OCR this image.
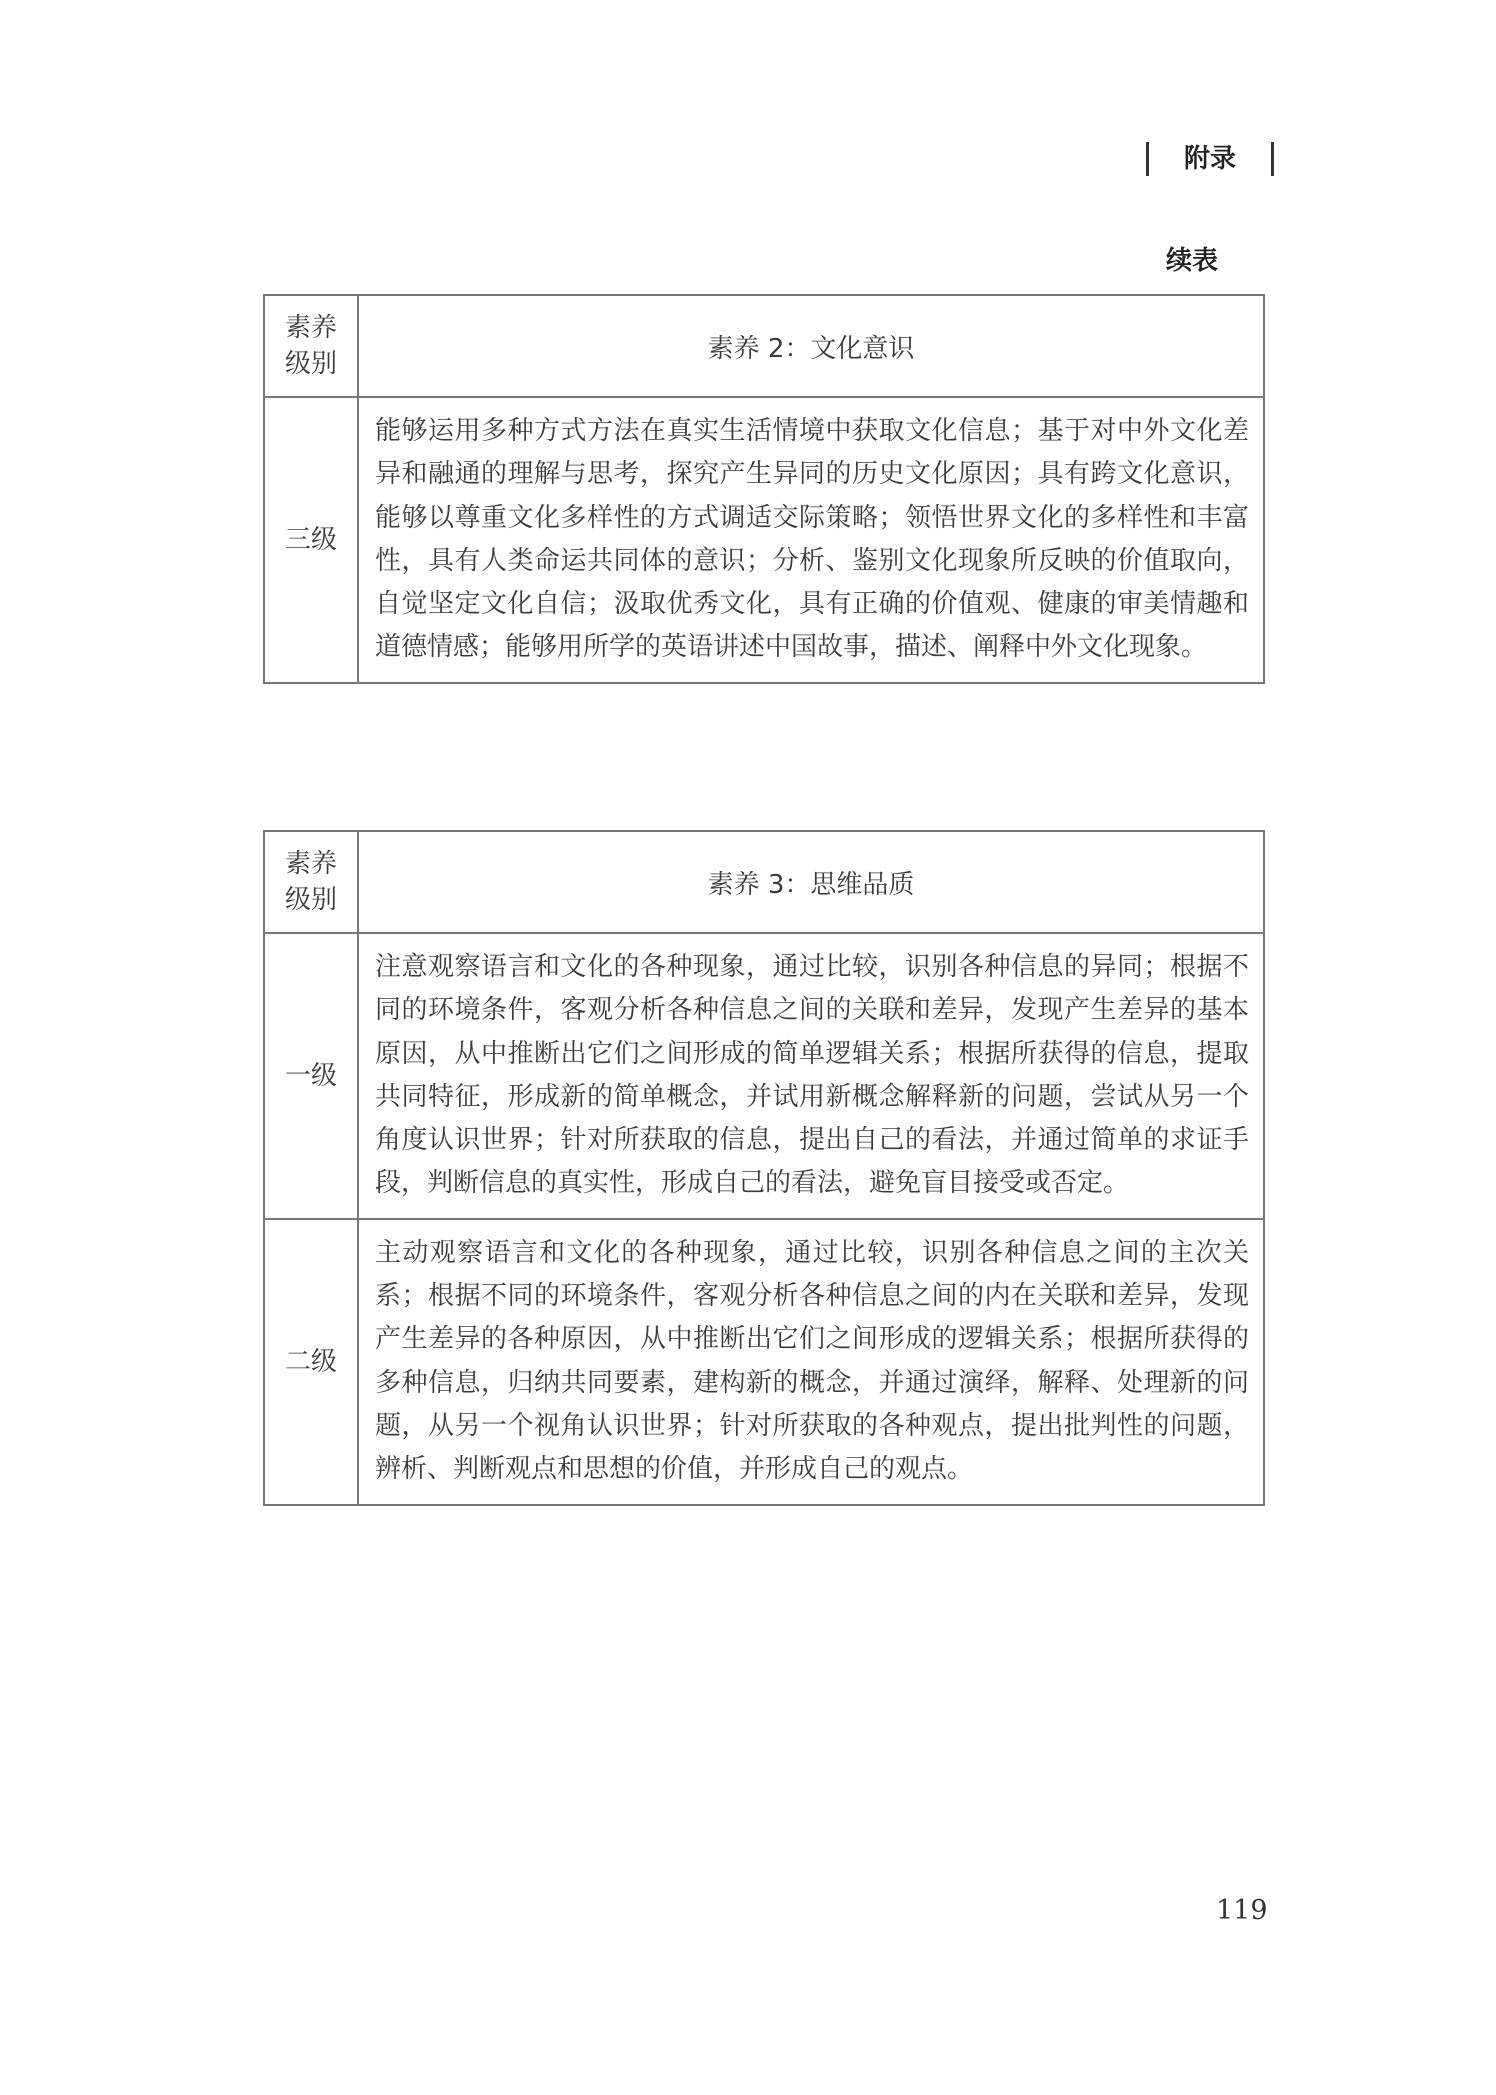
附录
续表
素养
级别	素养 2：文化意识
三级	能够运用多种方式方法在真实生活情境中获取文化信息；基于对中外文化差异和融通的理解与思考，探究产生异同的历史文化原因；具有跨文化意识，能够以尊重文化多样性的方式调适交际策略；领悟世界文化的多样性和丰富性，具有人类命运共同体的意识；分析、鉴别文化现象所反映的价值取向，自觉坚定文化自信；汲取优秀文化，具有正确的价值观、健康的审美情趣和道德情感；能够用所学的英语讲述中国故事，描述、阐释中外文化现象。
素养
级别	素养 3：思维品质
一级	注意观察语言和文化的各种现象，通过比较，识别各种信息的异同；根据不同的环境条件，客观分析各种信息之间的关联和差异，发现产生差异的基本原因，从中推断出它们之间形成的简单逻辑关系；根据所获得的信息，提取共同特征，形成新的简单概念，并试用新概念解释新的问题，尝试从另一个角度认识世界；针对所获取的信息，提出自己的看法，并通过简单的求证手段，判断信息的真实性，形成自己的看法，避免盲目接受或否定。
二级	主动观察语言和文化的各种现象，通过比较，识别各种信息之间的主次关系；根据不同的环境条件，客观分析各种信息之间的内在关联和差异，发现产生差异的各种原因，从中推断出它们之间形成的逻辑关系；根据所获得的多种信息，归纳共同要素，建构新的概念，并通过演绎，解释、处理新的问题，从另一个视角认识世界；针对所获取的各种观点，提出批判性的问题，辨析、判断观点和思想的价值，并形成自己的观点。
119
